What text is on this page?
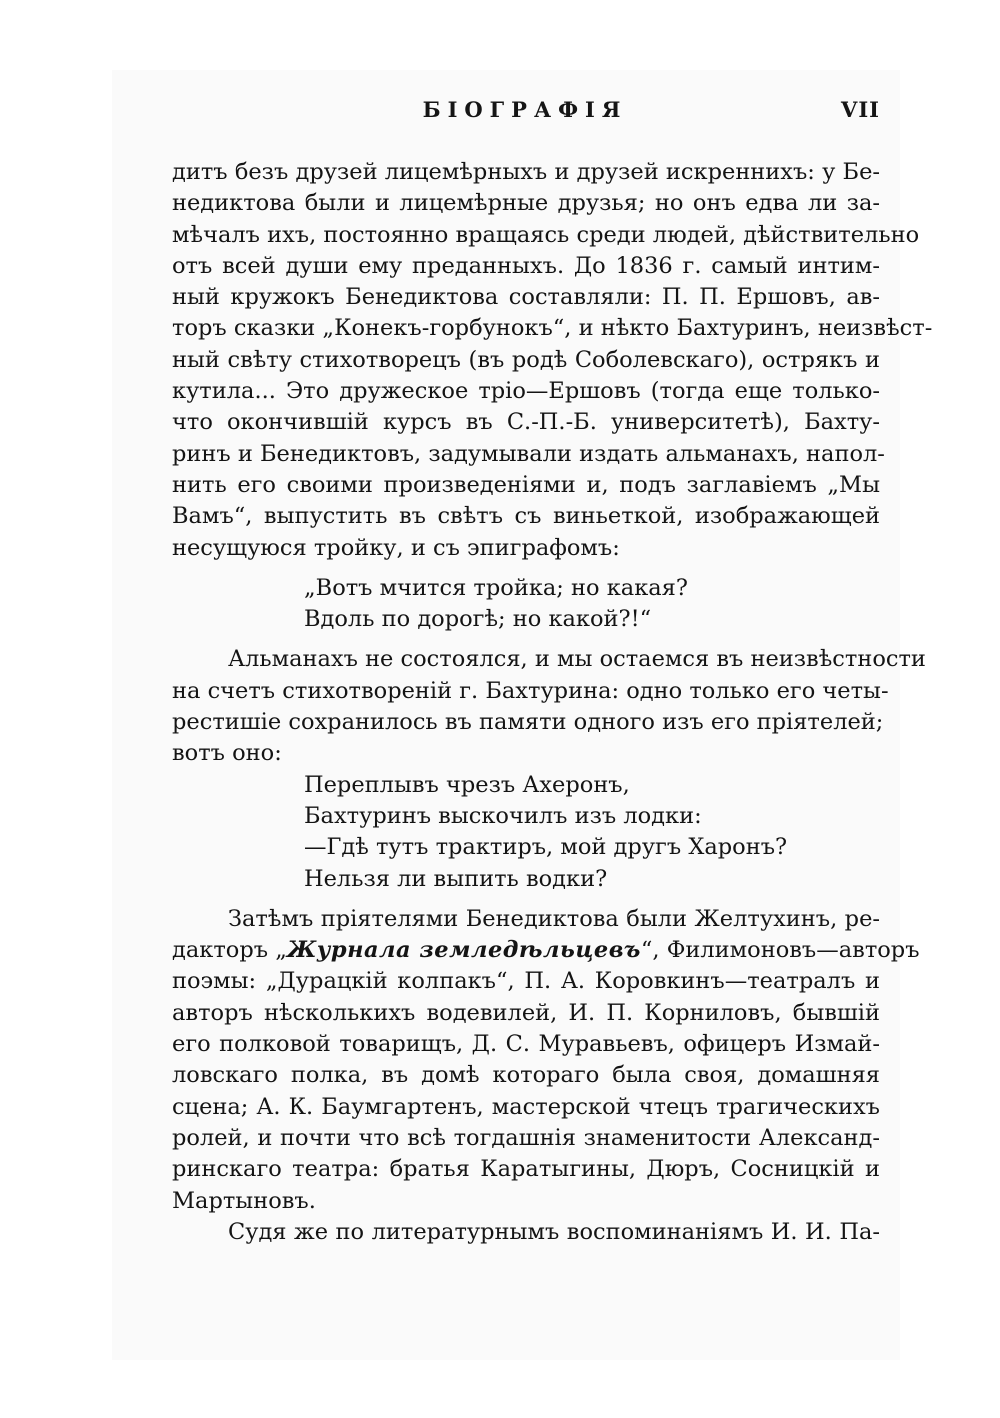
БІОГРАФІЯ	VII
дитъ безъ друзей лицемѣрныхъ и друзей искреннихъ: у Бе-
недиктова были и лицемѣрные друзья; но онъ едва ли за-
мѣчалъ ихъ, постоянно вращаясь среди людей, дѣйствительно
отъ всей души ему преданныхъ. До 1836 г. самый интим-
ный кружокъ Бенедиктова составляли: П. П. Ершовъ, ав-
торъ сказки „Конекъ-горбунокъ“, и нѣкто Бахтуринъ, неизвѣст-
ный свѣту стихотворецъ (въ родѣ Соболевскаго), острякъ и
кутила... Это дружеское тріо—Ершовъ (тогда еще только-
что окончившій курсъ въ С.-П.-Б. университетѣ), Бахту-
ринъ и Бенедиктовъ, задумывали издать альманахъ, напол-
нить его своими произведеніями и, подъ заглавіемъ „Мы
Вамъ“, выпустить въ свѣтъ съ виньеткой, изображающей
несущуюся тройку, и съ эпиграфомъ:
„Вотъ мчится тройка; но какая?
Вдоль по дорогѣ; но какой?!“
Альманахъ не состоялся, и мы остаемся въ неизвѣстности
на счетъ стихотвореній г. Бахтурина: одно только его четы-
рестишіе сохранилось въ памяти одного изъ его пріятелей;
вотъ оно:
Переплывъ чрезъ Ахеронъ,
Бахтуринъ выскочилъ изъ лодки:
—Гдѣ тутъ трактиръ, мой другъ Харонъ?
Нельзя ли выпить водки?
Затѣмъ пріятелями Бенедиктова были Желтухинъ, ре-
дакторъ „Журнала земледѣльцевъ“, Филимоновъ—авторъ
поэмы: „Дурацкій колпакъ“, П. А. Коровкинъ—театралъ и
авторъ нѣсколькихъ водевилей, И. П. Корниловъ, бывшій
его полковой товарищъ, Д. С. Муравьевъ, офицеръ Измай-
ловскаго полка, въ домѣ котораго была своя, домашняя
сцена; А. К. Баумгартенъ, мастерской чтецъ трагическихъ
ролей, и почти что всѣ тогдашнія знаменитости Александ-
ринскаго театра: братья Каратыгины, Дюръ, Сосницкій и
Мартыновъ.
Судя же по литературнымъ воспоминаніямъ И. И. Па-
